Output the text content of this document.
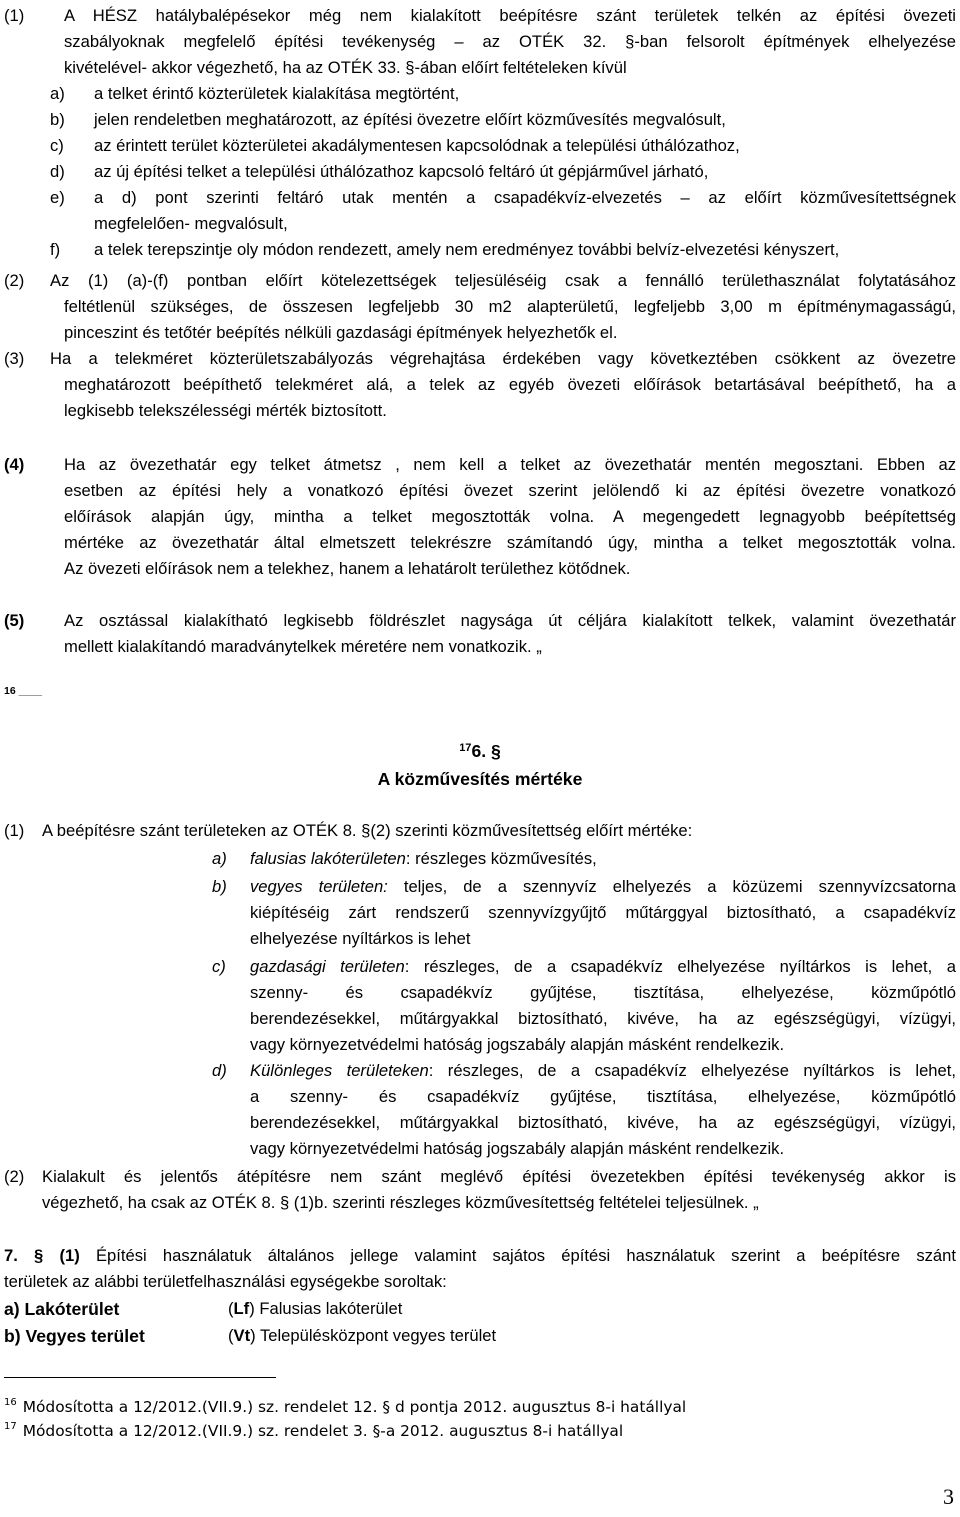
(1) A HÉSZ hatálybalépésekor még nem kialakított beépítésre szánt területek telkén az építési övezeti
szabályoknak megfelelő építési tevékenység – az OTÉK 32. §-ban felsorolt építmények elhelyezése
kivételével- akkor végezhető, ha az OTÉK 33. §-ában előírt feltételeken kívül
a) a telket érintő közterületek kialakítása megtörtént,
b) jelen rendeletben meghatározott, az építési övezetre előírt közművesítés megvalósult,
c) az érintett terület közterületei akadálymentesen kapcsolódnak a települési úthálózathoz,
d) az új építési telket a települési úthálózathoz kapcsoló feltáró út gépjárművel járható,
e) a d) pont szerinti feltáró utak mentén a csapadékvíz-elvezetés – az előírt közművesítettségnek
megfelelően- megvalósult,
f) a telek terepszintje oly módon rendezett, amely nem eredményez további belvíz-elvezetési kényszert,
(2) Az (1) (a)-(f) pontban előírt kötelezettségek teljesüléséig csak a fennálló területhasználat folytatásához
feltétlenül szükséges, de összesen legfeljebb 30 m2 alapterületű, legfeljebb 3,00 m építménymagasságú,
pinceszint és tetőtér beépítés nélküli gazdasági építmények helyezhetők el.
(3) Ha a telekméret közterületszabályozás végrehajtása érdekében vagy következtében csökkent az övezetre
meghatározott beépíthető telekméret alá, a telek az egyéb övezeti előírások betartásával beépíthető, ha a
legkisebb telekszélességi mérték biztosított.
(4) Ha az övezethatár egy telket átmetsz , nem kell a telket az övezethatár mentén megosztani. Ebben az
esetben az építési hely a vonatkozó építési övezet szerint jelölendő ki az építési övezetre vonatkozó
előírások alapján úgy, mintha a telket megosztották volna. A megengedett legnagyobb beépítettség
mértéke az övezethatár által elmetszett telekrészre számítandó úgy, mintha a telket megosztották volna.
Az övezeti előírások nem a telekhez, hanem a lehatárolt területhez kötődnek.
(5) Az osztással kialakítható legkisebb földrészlet nagysága út céljára kialakított telkek, valamint övezethatár
mellett kialakítandó maradványtelkek méretére nem vonatkozik. „
16 ____
$^{17}$6. §
A közművesítés mértéke
(1) A beépítésre szánt területeken az OTÉK 8. §(2) szerinti közművesítettség előírt mértéke:
a) falusias lakóterületen: részleges közművesítés,
b) vegyes területen: teljes, de a szennyvíz elhelyezés a közüzemi szennyvízcsatorna
kiépítéséig zárt rendszerű szennyvízgyűjtő műtárggyal biztosítható, a csapadékvíz
elhelyezése nyíltárkos is lehet
c) gazdasági területen: részleges, de a csapadékvíz elhelyezése nyíltárkos is lehet, a
szenny- és csapadékvíz gyűjtése, tisztítása, elhelyezése, közműpótló
berendezésekkel, műtárgyakkal biztosítható, kivéve, ha az egészségügyi, vízügyi,
vagy környezetvédelmi hatóság jogszabály alapján másként rendelkezik.
d) Különleges területeken: részleges, de a csapadékvíz elhelyezése nyíltárkos is lehet,
a szenny- és csapadékvíz gyűjtése, tisztítása, elhelyezése, közműpótló
berendezésekkel, műtárgyakkal biztosítható, kivéve, ha az egészségügyi, vízügyi,
vagy környezetvédelmi hatóság jogszabály alapján másként rendelkezik.
(2) Kialakult és jelentős átépítésre nem szánt meglévő építési övezetekben építési tevékenység akkor is
végezhető, ha csak az OTÉK 8. § (1)b. szerinti részleges közművesítettség feltételei teljesülnek. „
7. § (1) Építési használatuk általános jellege valamint sajátos építési használatuk szerint a beépítésre szánt
területek az alábbi területfelhasználási egységekbe soroltak:
a) Lakóterület	(Lf) Falusias lakóterület
b) Vegyes terület	(Vt) Településközpont vegyes terület
$^{16}$ Módosította a 12/2012.(VII.9.) sz. rendelet 12. § d pontja 2012. augusztus 8-i hatállyal
$^{17}$ Módosította a 12/2012.(VII.9.) sz. rendelet 3. §-a 2012. augusztus 8-i hatállyal
3
